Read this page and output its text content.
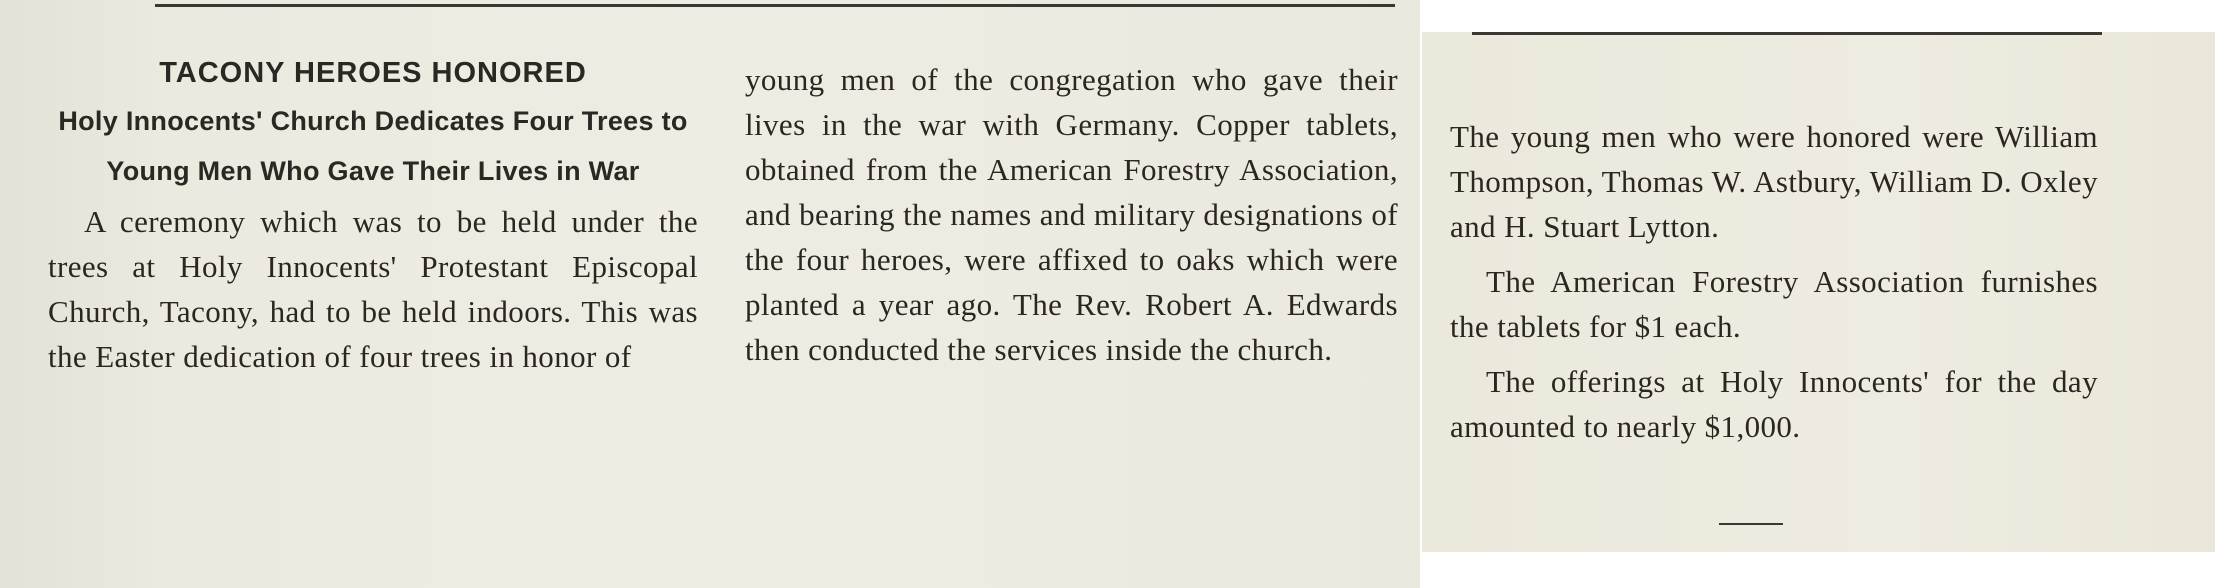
TACONY HEROES HONORED
Holy Innocents' Church Dedicates Four Trees to Young Men Who Gave Their Lives in War

A ceremony which was to be held under the trees at Holy Innocents' Protestant Episcopal Church, Tacony, had to be held indoors. This was the Easter dedication of four trees in honor of

young men of the congregation who gave their lives in the war with Germany. Copper tablets, obtained from the American Forestry Association, and bearing the names and military designations of the four heroes, were affixed to oaks which were planted a year ago. The Rev. Robert A. Edwards then conducted the services inside the church.

The young men who were honored were William Thompson, Thomas W. Astbury, William D. Oxley and H. Stuart Lytton.

The American Forestry Association furnishes the tablets for $1 each.

The offerings at Holy Innocents' for the day amounted to nearly $1,000.
